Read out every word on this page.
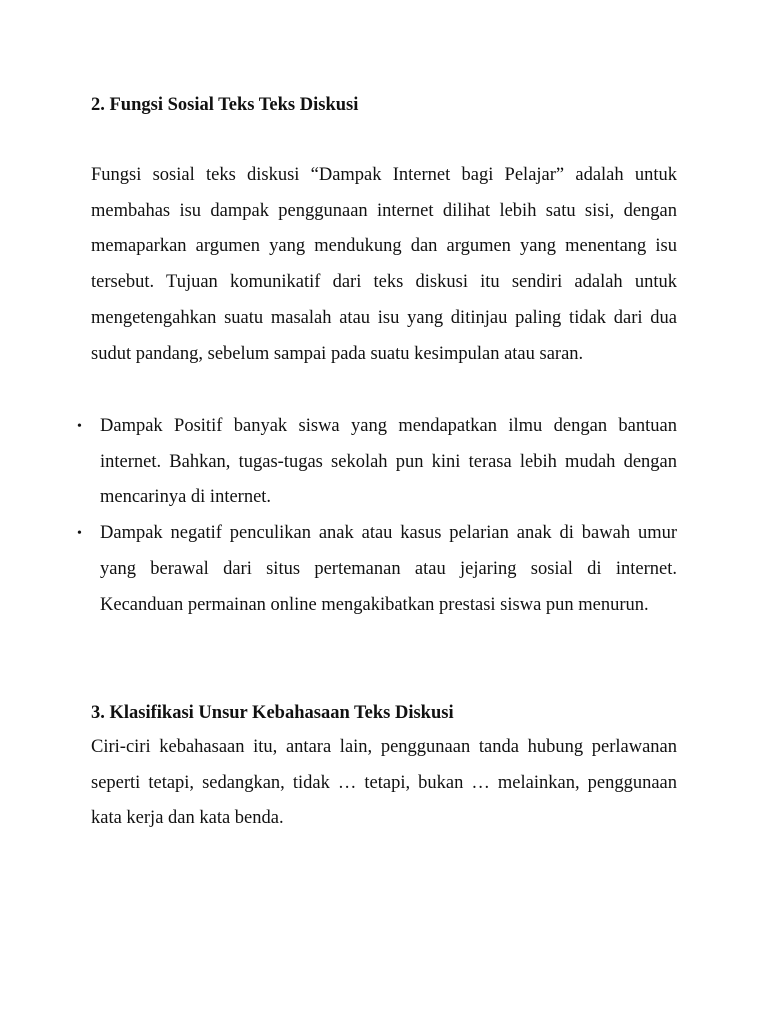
2. Fungsi Sosial Teks Teks Diskusi

Fungsi sosial teks diskusi “Dampak Internet bagi Pelajar” adalah untuk membahas isu dampak penggunaan internet dilihat lebih satu sisi, dengan memaparkan argumen yang mendukung dan argumen yang menentang isu tersebut. Tujuan komunikatif dari teks diskusi itu sendiri adalah untuk mengetengahkan suatu masalah atau isu yang ditinjau paling tidak dari dua sudut pandang, sebelum sampai pada suatu kesimpulan atau saran.

• Dampak Positif banyak siswa yang mendapatkan ilmu dengan bantuan internet. Bahkan, tugas-tugas sekolah pun kini terasa lebih mudah dengan mencarinya di internet.
• Dampak negatif penculikan anak atau kasus pelarian anak di bawah umur yang berawal dari situs pertemanan atau jejaring sosial di internet. Kecanduan permainan online mengakibatkan prestasi siswa pun menurun.
3. Klasifikasi Unsur Kebahasaan Teks Diskusi

Ciri-ciri kebahasaan itu, antara lain, penggunaan tanda hubung perlawanan seperti tetapi, sedangkan, tidak … tetapi, bukan … melainkan, penggunaan kata kerja dan kata benda.
